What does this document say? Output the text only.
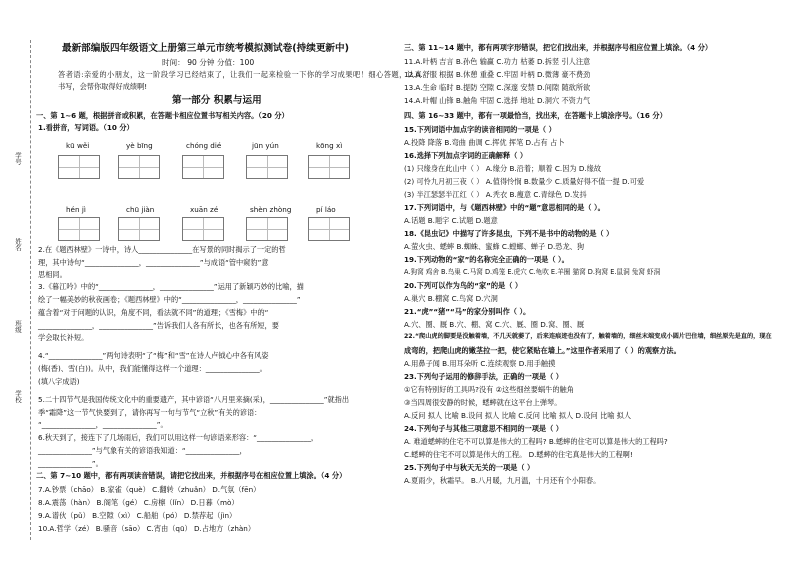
学号
姓名
班级
学校
最新部编版四年级语文上册第三单元市统考模拟测试卷(持续更新中)
时间： 90 分钟 分值：100
答者语:亲爱的小朋友，这一阶段学习已经结束了，让我们一起来检验一下你的学习成果吧！细心答题，认真
书写，会帮你取得好成绩啊!
第一部分 积累与运用
一、第 1~6 题，根据拼音或积累，在答题卡相应位置书写相关内容。（20 分）
1.看拼音，写词语。（10 分）
kū wěi	yè bīng	chóng dié	jūn yún	kōng xì
hén jì	chū jiàn	xuān zé	shèn zhòng	pí láo
2.在《题西林壁》一诗中，诗人_______________在写景的同时揭示了一定的哲
理，其中诗句“_______________，_______________”与成语“管中窥豹”意
思相同。
3.《暮江吟》中的“_______________，_______________”运用了新颖巧妙的比喻，描
绘了一幅美妙的秋夜画卷；《题西林壁》中的“_______________，_______________”
蕴含着“对于问题的认识，角度不同，看法就不同”的道理；《雪梅》中的“
_______________，_______________”告诉我们人各有所长，也各有所短，要
学会取长补短。
4.“_______________”两句诗表明“了“梅”和“雪”在诗人卢钺心中各有风姿
(梅(香)、雪(白))。从中，我们能懂得这样一个道理：_______________。
(填八字成语)
5.二十四节气是我国传统文化中的重要遗产，其中谚语“八月里来摘(采)，_______________”就指出
季“霜降”这一节气快要到了，请你再写一句与节气“立秋”有关的谚语：
“_______________，_______________”。
6.秋天到了，接连下了几场雨后，我们可以用这样一句谚语来形容：“_______________，
_______________”与气象有关的谚语我知道：“_______________，
_______________”。
二、第 7~10 题中，都有两项读音错误，请把它找出来，并根据序号在相应位置上填涂。（4 分）
7.A.钞票（chāo） B.家雀（què） C.翻转（zhuǎn） D.气氛（fēn）
8.A.震荡（hàn） B.阁笔（gé） C.房檩（lǐn） D.日暮（mò）
9.A.谱伙（pǔ） B.空隙（xì） C.船舶（pó） D.禁荐起（jìn）
10.A.哲学（zé） B.骚音（sāo） C.宵由（qū） D.占地方（zhàn）
三、第 11~14 题中，都有两项字形错误，把它们找出来，并根据序号相应位置上填涂。（4 分）
11.A.叶柄 吉言 B.孙色 输赢 C.功力 枯萎 D.拆竖 引人注意
12.A.舒服 根据 B.休憩 重叠 C.牢固 叶柄 D.微薄 豪不费劲
13.A.生命 临时 B.提防 空隙 C.深邃 安禁 D.间隙 随欲所欲
14.A.叶帽 山锋 B.触角 牢固 C.选择 地址 D.洞穴 不资力气
四、第 16~33 题中，都有一项最恰当，找出来，在答题卡上填涂序号。（16 分）
15.下列词语中加点字的读音相同的一项是（ ）
A.投降 降落 B.弯曲 曲调 C.挥优 挥笔 D.占有 占卜
16.选择下列加点字词的正确解释（ ）
(1) 只缘身在此山中（ ） A.缘分 B.沿着；顺着 C.因为 D.缘故
(2) 可怜九月初三夜（ ） A.值得怜悯 B.数量少 C.质量好得不值一提 D.可爱
(3) 半江瑟瑟半江红（ ） A.秃衣 B.瘦意 C.青绿色 D.发抖
17.下列词语中，与《题西林壁》中的“题”意思相同的是（ ）。
A.话题 B.题字 C.试题 D.题意
18.《昆虫记》中描写了许多昆虫，下列不是书中的动物的是（ ）
A.萤火虫、蟋蟀 B.蜘蛛、蜜蜂 C.螳螂、蝉子 D.恐龙、狗
19.下列动物的“家”的名称完全正确的一项是（ ）。
A.狗窝 鸡舍 B.鸟巢 C.马窝 D.鸡笼 E.虎穴 C.龟吹 E.羊圈 猫窝 D.狗窝 E.鼠洞 兔窝 虾洞
20.下列可以作为鸟的“家”的是（ ）
A.巢穴 B.棚窝 C.鸟窝 D.穴洞
21.“虎”“猪”“马”的家分别叫作（ ）。
A.穴、圈、厩 B.穴、棚、窝 C.穴、厩、圈 D.窝、圈、厩
22.“爬山虎的脚要是没触着墙，不几天就萎了，后来连痕迹也没有了，触着墙的，细丝末端变成小圆片巴住墙，细丝原先是直的，现在
成弯的，把爬山虎的嫩茎拉一把，使它紧贴在墙上。”这里作者采用了（ ）的观察方法。
A.用鼻子闻 B.用耳朵听 C.连续观察 D.用手触摸
23.下列句子运用的修辞手法，正确的一项是（ ）
①它有特别好的工具吗?没有 ②这些细丝要蜗牛的触角
③当四周很安静的时候，蟋蟀就在这平台上弹琴。
A.反问 拟人 比喻 B.设问 拟人 比喻 C.反问 比喻 拟人 D.设问 比喻 拟人
24.下列句子与其他三项意思不相同的一项是（ ）
A. 难道蟋蟀的住宅不可以算是伟大的工程吗? B.蟋蟀的住宅可以算是伟大的工程吗?
C.蟋蟀的住宅不可以算是伟大的工程。 D.蟋蟀的住宅真是伟大的工程啊!
25.下列句子中与秋天无关的一项是（ ）
A.夏雨少，秋霜早。 B.八月暖，九月温，十月还有个小阳春。
